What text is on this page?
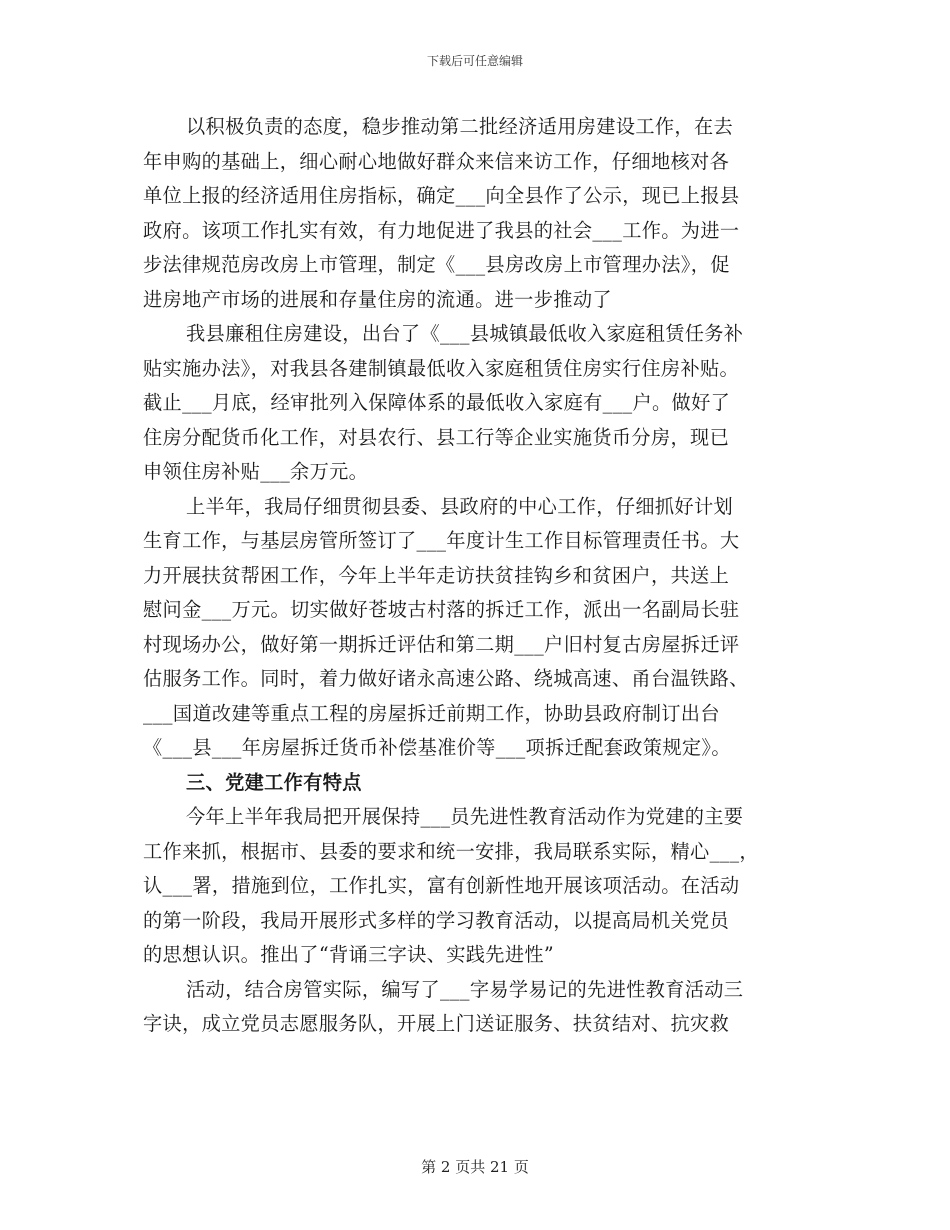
下载后可任意编辑
以积极负责的态度，稳步推动第二批经济适用房建设工作，在去
年申购的基础上，细心耐心地做好群众来信来访工作，仔细地核对各
单位上报的经济适用住房指标，确定___向全县作了公示，现已上报县
政府。该项工作扎实有效，有力地促进了我县的社会___工作。为进一
步法律规范房改房上市管理，制定《___县房改房上市管理办法》，促
进房地产市场的进展和存量住房的流通。进一步推动了
我县廉租住房建设，出台了《___县城镇最低收入家庭租赁任务补
贴实施办法》，对我县各建制镇最低收入家庭租赁住房实行住房补贴。
截止___月底，经审批列入保障体系的最低收入家庭有___户。做好了
住房分配货币化工作，对县农行、县工行等企业实施货币分房，现已
申领住房补贴___余万元。
上半年，我局仔细贯彻县委、县政府的中心工作，仔细抓好计划
生育工作，与基层房管所签订了___年度计生工作目标管理责任书。大
力开展扶贫帮困工作，今年上半年走访扶贫挂钩乡和贫困户，共送上
慰问金___万元。切实做好苍坡古村落的拆迁工作，派出一名副局长驻
村现场办公，做好第一期拆迁评估和第二期___户旧村复古房屋拆迁评
估服务工作。同时，着力做好诸永高速公路、绕城高速、甬台温铁路、
___国道改建等重点工程的房屋拆迁前期工作，协助县政府制订出台
《___县___年房屋拆迁货币补偿基准价等___项拆迁配套政策规定》。
三、党建工作有特点
今年上半年我局把开展保持___员先进性教育活动作为党建的主要
工作来抓，根据市、县委的要求和统一安排，我局联系实际，精心___，
认___署，措施到位，工作扎实，富有创新性地开展该项活动。在活动
的第一阶段，我局开展形式多样的学习教育活动，以提高局机关党员
的思想认识。推出了“背诵三字诀、实践先进性”
活动，结合房管实际，编写了___字易学易记的先进性教育活动三
字诀，成立党员志愿服务队，开展上门送证服务、扶贫结对、抗灾救
第 2 页共 21 页
